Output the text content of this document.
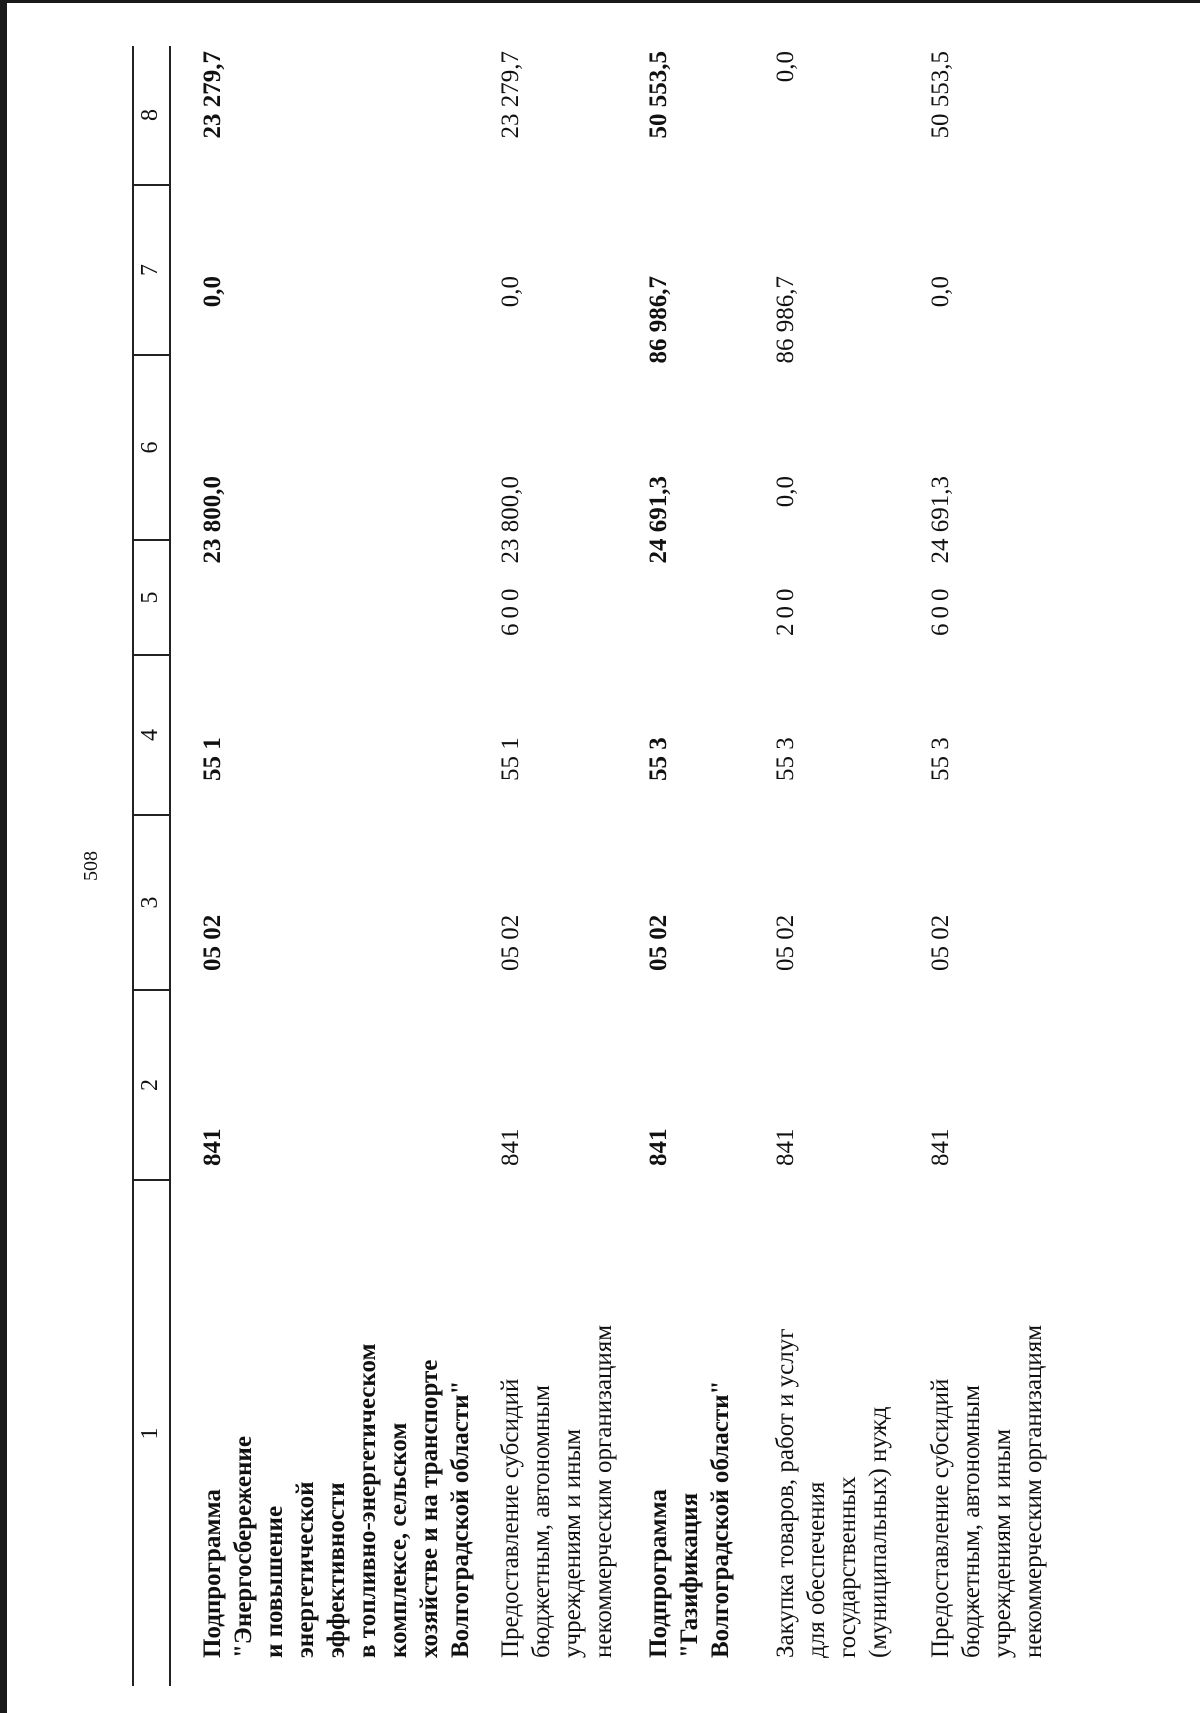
508
1
2
3
4
5
6
7
8
Подпрограмма "Энергосбережение и повышение энергетической эффективности в топливно-энергетическом комплексе, сельском хозяйстве и на транспорте Волгоградской области"
841
05 02
55 1
23 800,0
0,0
23 279,7
Предоставление субсидий бюджетным, автономным учреждениям и иным некоммерческим организациям
841
05 02
55 1
600
23 800,0
0,0
23 279,7
Подпрограмма "Газификация Волгоградской области"
841
05 02
55 3
24 691,3
86 986,7
50 553,5
Закупка товаров, работ и услуг для обеспечения государственных (муниципальных) нужд
841
05 02
55 3
200
0,0
86 986,7
0,0
Предоставление субсидий бюджетным, автономным учреждениям и иным некоммерческим организациям
841
05 02
55 3
600
24 691,3
0,0
50 553,5
